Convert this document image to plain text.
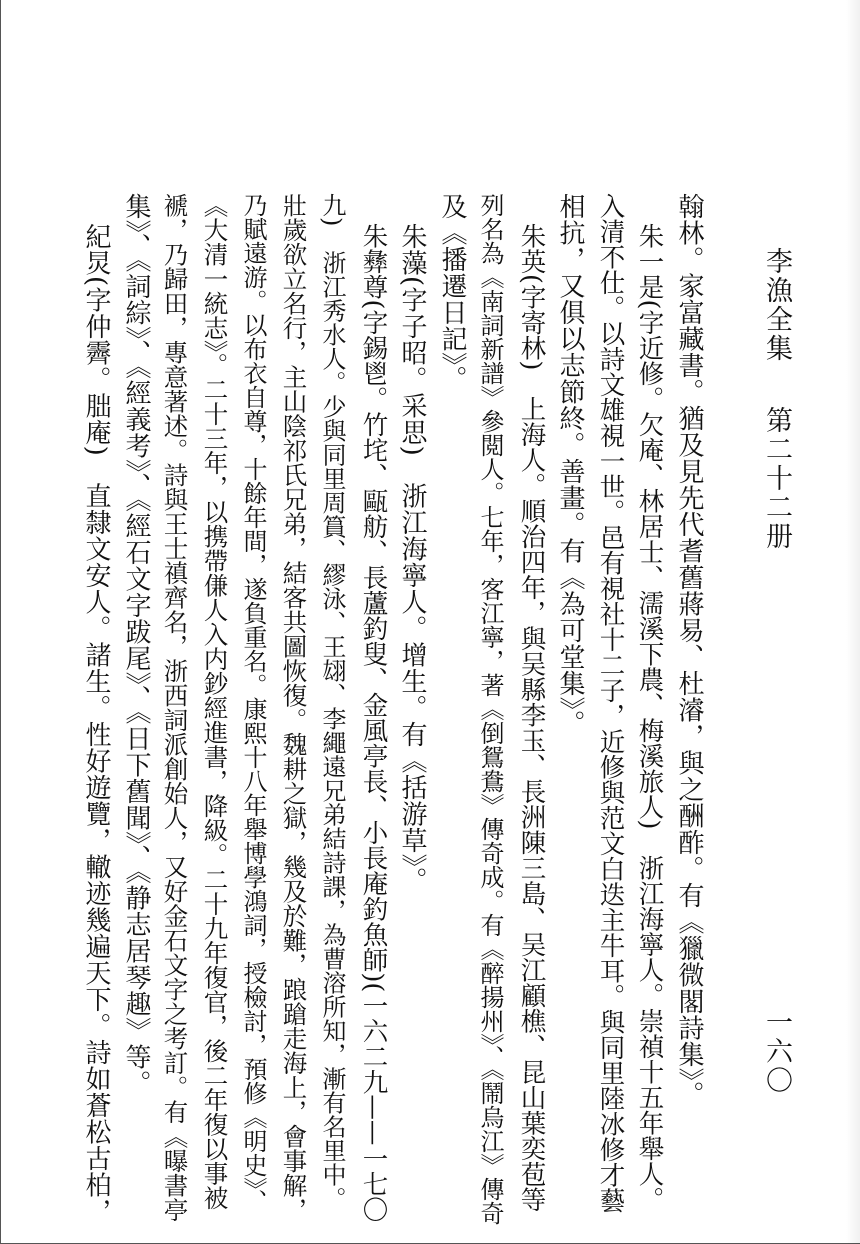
李漁全集
第二十二册
一六〇
翰林。家富藏書。猶及見先代耆舊蔣易、杜濬，與之酬酢。有《獵微閣詩集》。
朱一是(字近修。欠庵、林居士、濡溪下農、梅溪旅人)　浙江海寧人。崇禎十五年舉人。
入清不仕。以詩文雄視一世。邑有視社十二子，近修與范文白迭主牛耳。與同里陸冰修才藝
相抗，又俱以志節終。善畫。有《為可堂集》。
朱英(字寄林)　上海人。順治四年，與吴縣李玉、長洲陳三島、吴江顧樵、昆山葉奕苞等
列名為《南詞新譜》參閲人。七年，客江寧，著《倒鴛鴦》傳奇成。有《醉揚州》、《鬧烏江》傳奇
及《播遷日記》。
朱藻(字子昭。采思)　浙江海寧人。增生。有《括游草》。
朱彝尊(字錫鬯。竹垞、甌舫、長蘆釣叟、金風亭長、小長庵釣魚師)(一六二九——一七〇
九)　浙江秀水人。少與同里周篔、繆泳、王翃、李繩遠兄弟結詩課，為曹溶所知，漸有名里中。
壯歲欲立名行，主山陰祁氏兄弟，結客共圖恢復。魏耕之獄，幾及於難，踉蹌走海上，會事解，
乃賦遠游。以布衣自尊，十餘年間，遂負重名。康熙十八年舉博學鴻詞，授檢討，預修《明史》、
《大清一統志》。二十三年，以携帶傔人入内鈔經進書，降級。二十九年復官，後二年復以事被
褫，乃歸田，專意著述。詩與王士禛齊名，浙西詞派創始人，又好金石文字之考訂。有《曝書亭
集》、《詞綜》、《經義考》、《經石文字跋尾》、《日下舊聞》、《静志居琴趣》等。
紀炅(字仲霽。朏庵)　直隸文安人。諸生。性好遊覽，轍迹幾遍天下。詩如蒼松古柏，
